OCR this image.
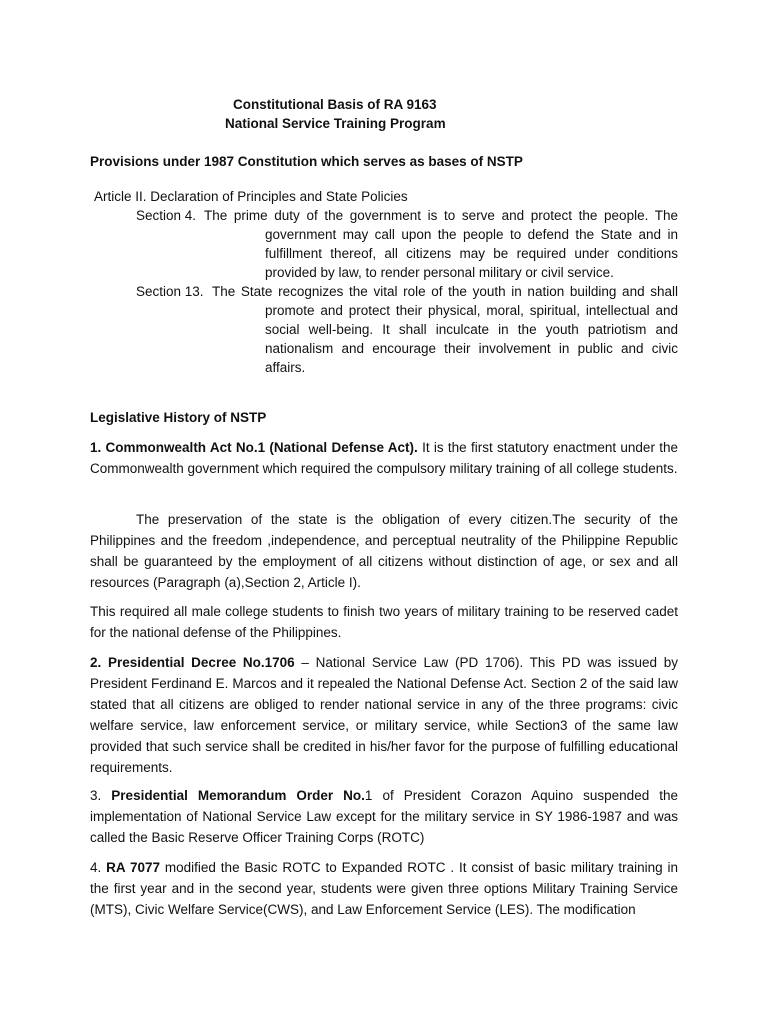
Constitutional Basis of RA 9163
National Service Training Program
Provisions under 1987 Constitution which serves as bases of NSTP
Article II. Declaration of Principles and State Policies
Section 4. The prime duty of the government is to serve and protect the people. The
government may call upon the people to defend the State and in fulfillment thereof, all citizens may be required under conditions provided by law, to render personal military or civil service.
Section 13. The State recognizes the vital role of the youth in nation building and shall
promote and protect their physical, moral, spiritual, intellectual and social well-being. It shall inculcate in the youth patriotism and nationalism and encourage their involvement in public and civic affairs.
Legislative History of NSTP
1. Commonwealth Act No.1 (National Defense Act). It is the first statutory enactment under the Commonwealth government which required the compulsory military training of all college students.
The preservation of the state is the obligation of every citizen.The security of the Philippines and the freedom ,independence, and perceptual neutrality of the Philippine Republic shall be guaranteed by the employment of all citizens without distinction of age, or sex and all resources (Paragraph (a),Section 2, Article I).
This required all male college students to finish two years of military training to be reserved cadet for the national defense of the Philippines.
2. Presidential Decree No.1706 – National Service Law (PD 1706). This PD was issued by President Ferdinand E. Marcos and it repealed the National Defense Act. Section 2 of the said law stated that all citizens are obliged to render national service in any of the three programs: civic welfare service, law enforcement service, or military service, while Section3 of the same law provided that such service shall be credited in his/her favor for the purpose of fulfilling educational requirements.
3. Presidential Memorandum Order No.1 of President Corazon Aquino suspended the implementation of National Service Law except for the military service in SY 1986-1987 and was called the Basic Reserve Officer Training Corps (ROTC)
4. RA 7077 modified the Basic ROTC to Expanded ROTC . It consist of basic military training in the first year and in the second year, students were given three options Military Training Service (MTS), Civic Welfare Service(CWS), and Law Enforcement Service (LES). The modification
